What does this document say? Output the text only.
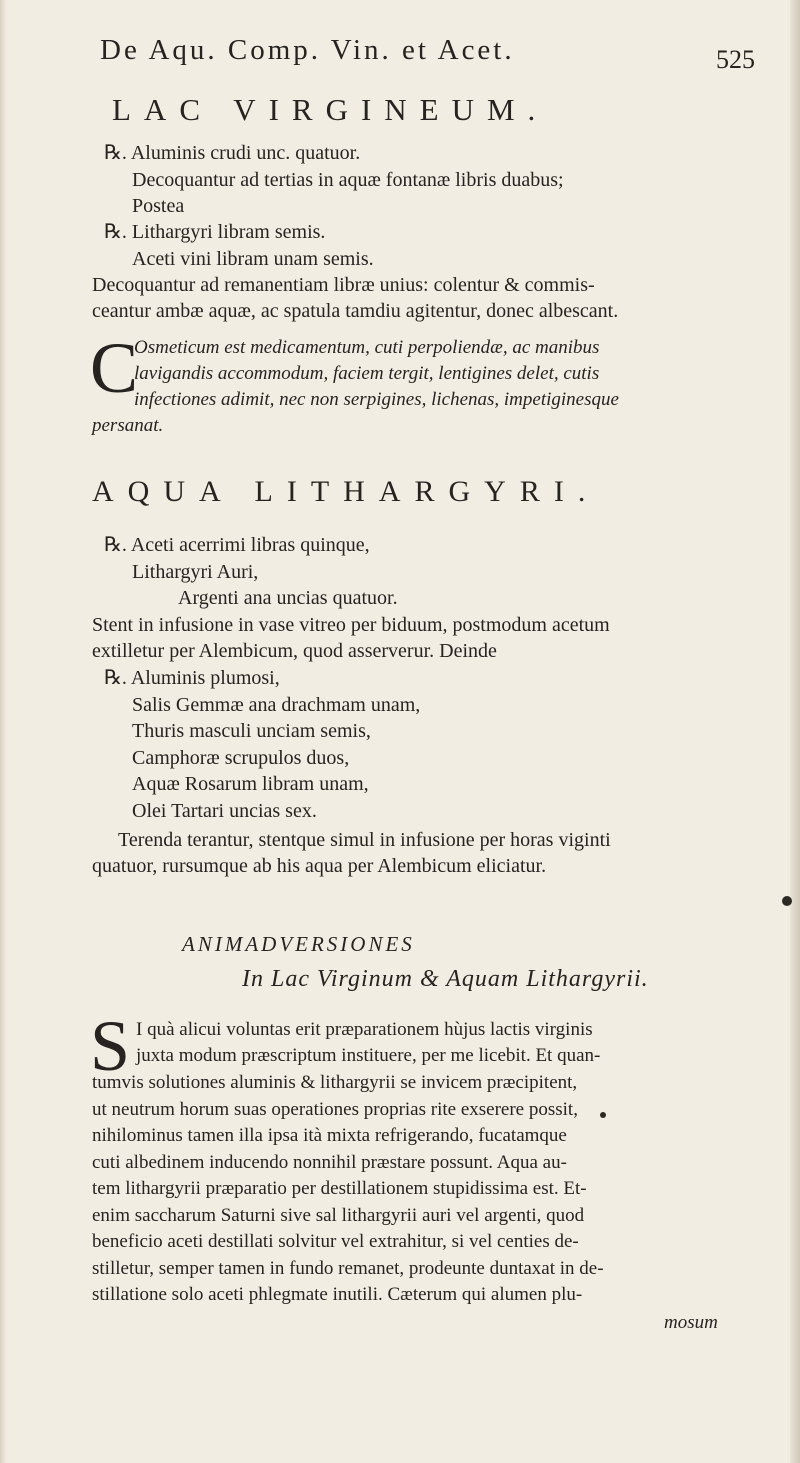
De Aqu. Comp. Vin. et Acet.	525
LAC VIRGINEUM.
℞. Aluminis crudi unc. quatuor.
Decoquantur ad tertias in aquæ fontanæ libris duabus;
Postea
℞. Lithargyri libram semis.
Aceti vini libram unam semis.
Decoquantur ad remanentiam libræ unius: colentur & commis-
ceantur ambæ aquæ, ac spatula tamdiu agitentur, donec albescant.
C
Osmeticum est medicamentum, cuti perpoliendæ, ac manibus
lavigandis accommodum, faciem tergit, lentigines delet, cutis
infectiones adimit, nec non serpigines, lichenas, impetiginesque
persanat.
AQUA LITHARGYRI.
℞. Aceti acerrimi libras quinque,
Lithargyri Auri,
Argenti ana uncias quatuor.
Stent in infusione in vase vitreo per biduum, postmodum acetum
extilletur per Alembicum, quod asserverur. Deinde
℞. Aluminis plumosi,
Salis Gemmæ ana drachmam unam,
Thuris masculi unciam semis,
Camphoræ scrupulos duos,
Aquæ Rosarum libram unam,
Olei Tartari uncias sex.
Terenda terantur, stentque simul in infusione per horas viginti
quatuor, rursumque ab his aqua per Alembicum eliciatur.
ANIMADVERSIONES
In Lac Virginum & Aquam Lithargyrii.
S I quà alicui voluntas erit præparationem hùjus lactis virginis
juxta modum præscriptum instituere, per me licebit. Et quan-
tumvis solutiones aluminis & lithargyrii se invicem præcipitent,
ut neutrum horum suas operationes proprias rite exserere possit,
nihilominus tamen illa ipsa ità mixta refrigerando, fucatamque
cuti albedinem inducendo nonnihil præstare possunt. Aqua au-
tem lithargyrii præparatio per destillationem stupidissima est. Et-
enim saccharum Saturni sive sal lithargyrii auri vel argenti, quod
beneficio aceti destillati solvitur vel extrahitur, si vel centies de-
stilletur, semper tamen in fundo remanet, prodeunte duntaxat in de-
stillatione solo aceti phlegmate inutili. Cæterum qui alumen plu-
mosum
